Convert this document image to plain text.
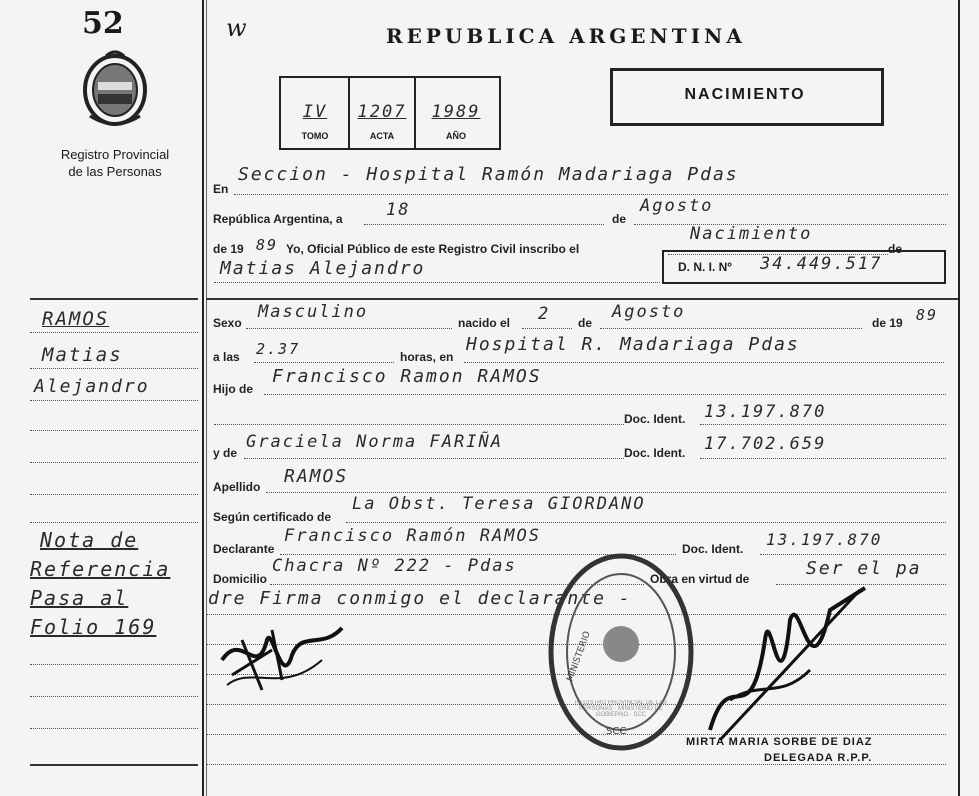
52
Registro Provincial
de las Personas
RAMOS
Matias
Alejandro
Nota de
Referencia
Pasa al
Folio 169
w	REPUBLICA ARGENTINA
IV	1207	1989
TOMO	ACTA	AÑO
NACIMIENTO
En
Seccion - Hospital Ramón Madariaga Pdas
República Argentina, a	18	de
Agosto
de 19 89 Yo, Oficial Público de este Registro Civil inscribo el
Nacimiento
de
Matias Alejandro	D. N. I. Nº 34.449.517
Sexo
Masculino
nacido el 2 de
Agosto
de 19 89
a las 2.37	horas, en
Hospital R. Madariaga Pdas
Hijo de
Francisco Ramon RAMOS
Doc. Ident. 13.197.870
y de
Graciela Norma FARIÑA
Doc. Ident. 17.702.659
Apellido RAMOS
Según certificado de
La Obst. Teresa GIORDANO
Declarante
Francisco Ramón RAMOS
Doc. Ident. 13.197.870
Domicilio
Chacra Nº 222 - Pdas
Obra en virtud de	Ser el pa
dre Firma conmigo el declarante -
MINISTERIO
SCC
REGISTRO PROVINCIAL DE LAS PERSONAS · MINISTERIO DE GOBIERNO · SCC
MIRTA MARIA SORBE DE DIAZ
DELEGADA R.P.P.
